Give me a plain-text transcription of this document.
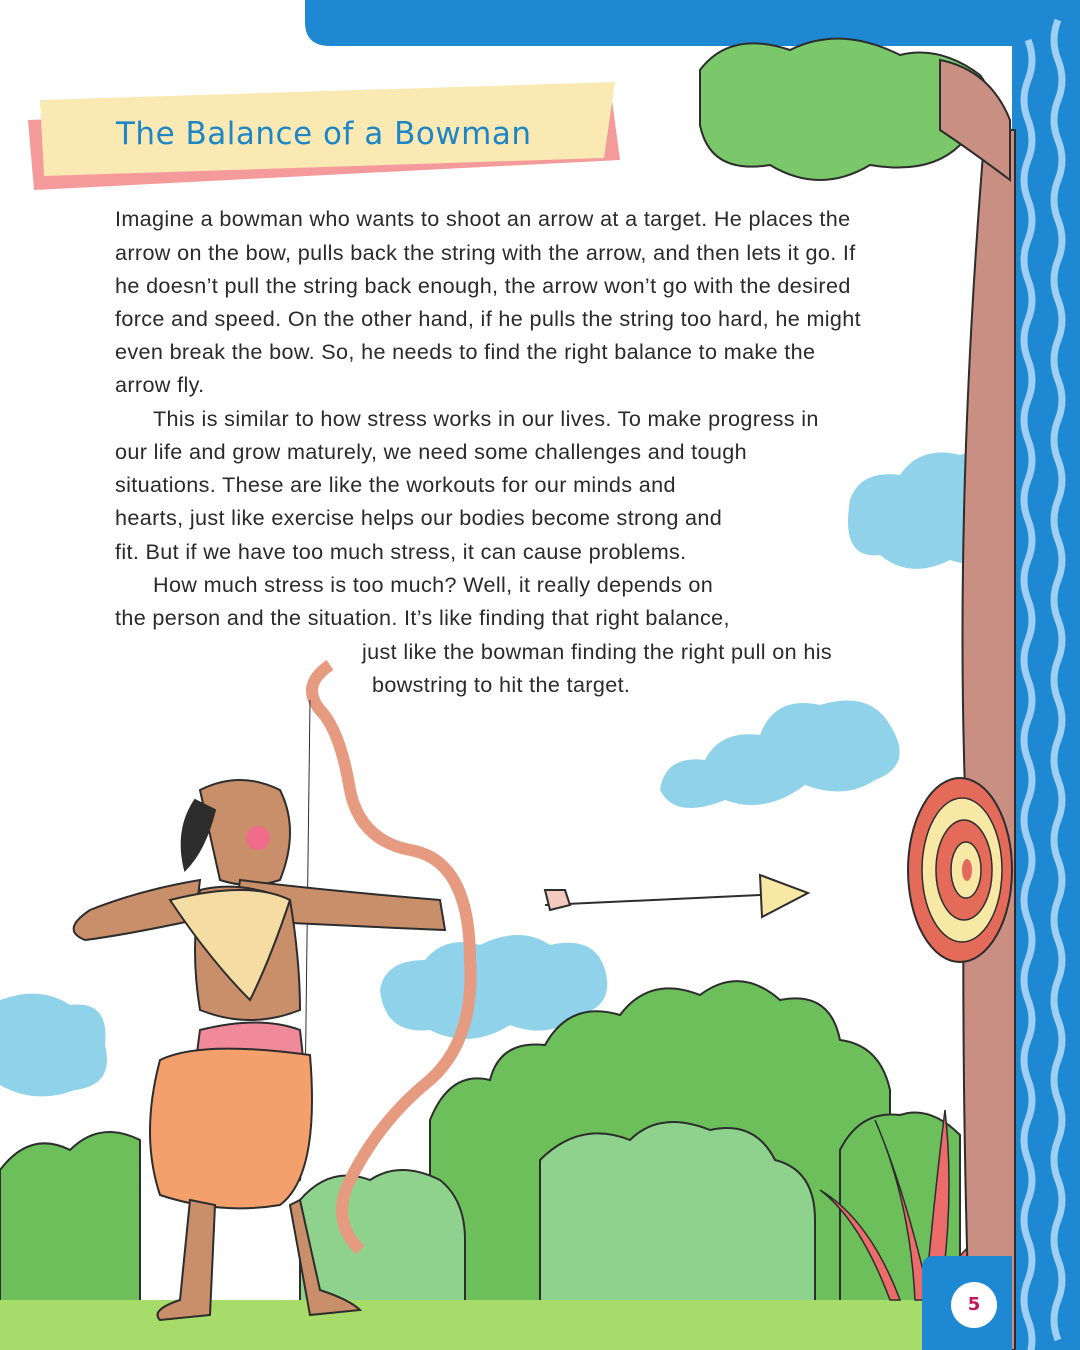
The Balance of a Bowman
Imagine a bowman who wants to shoot an arrow at a target. He places the
arrow on the bow, pulls back the string with the arrow, and then lets it go. If
he doesn’t pull the string back enough, the arrow won’t go with the desired
force and speed. On the other hand, if he pulls the string too hard, he might
even break the bow. So, he needs to find the right balance to make the
arrow fly.
This is similar to how stress works in our lives. To make progress in
our life and grow maturely, we need some challenges and tough
situations. These are like the workouts for our minds and
hearts, just like exercise helps our bodies become strong and
fit. But if we have too much stress, it can cause problems.
How much stress is too much? Well, it really depends on
the person and the situation. It’s like finding that right balance,
just like the bowman finding the right pull on his
bowstring to hit the target.
5
